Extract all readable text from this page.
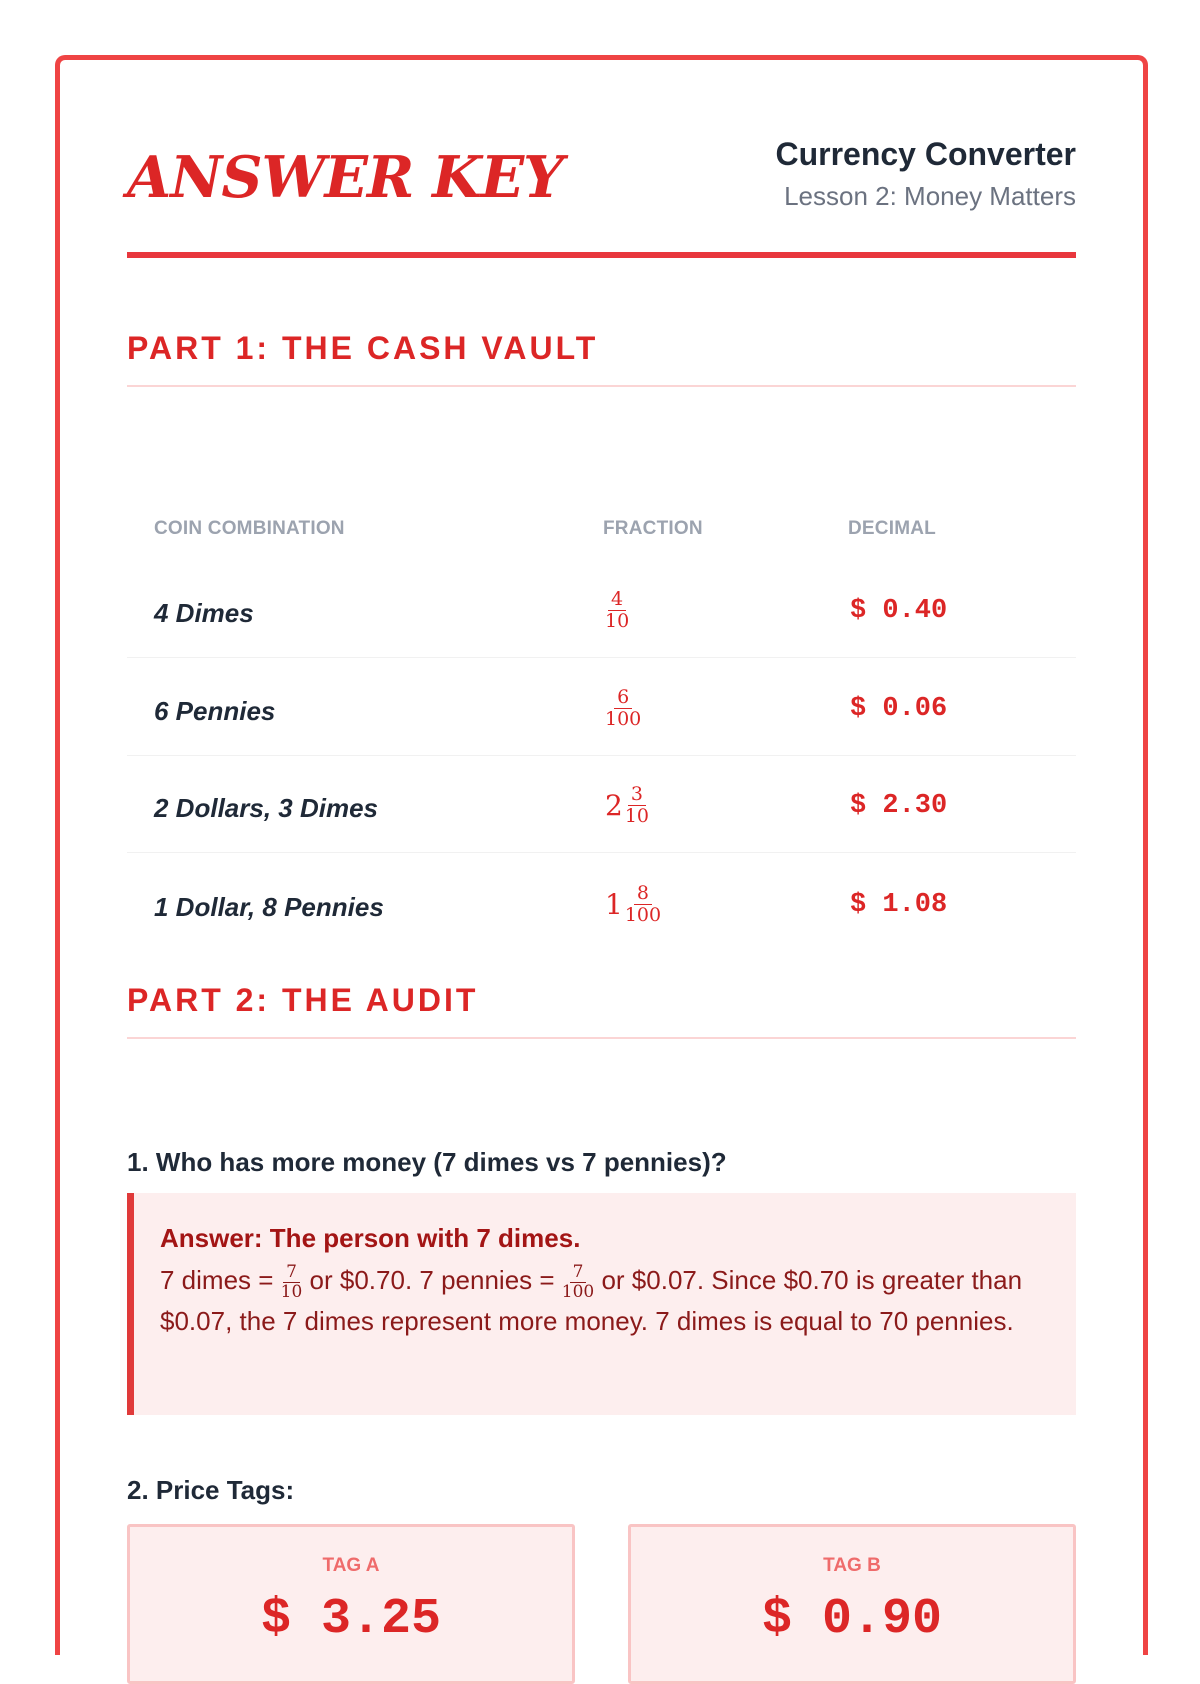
ANSWER KEY	Currency Converter
Lesson 2: Money Matters
PART 1: THE CASH VAULT
COIN COMBINATION	FRACTION	DECIMAL
4 Dimes	$\frac{4}{10}$	$ 0.40
6 Pennies	$\frac{6}{100}$	$ 0.06
2 Dollars, 3 Dimes	$2 \frac{3}{10}$	$ 2.30
1 Dollar, 8 Pennies	$1 \frac{8}{100}$	$ 1.08
PART 2: THE AUDIT
1. Who has more money (7 dimes vs 7 pennies)?
Answer: The person with 7 dimes.
7 dimes = $\frac{7}{10}$ or $0.70. 7 pennies = $\frac{7}{100}$ or $0.07. Since $0.70 is greater than $0.07, the 7 dimes represent more money. 7 dimes is equal to 70 pennies.
2. Price Tags:
TAG A
$ 3.25
TAG B
$ 0.90
